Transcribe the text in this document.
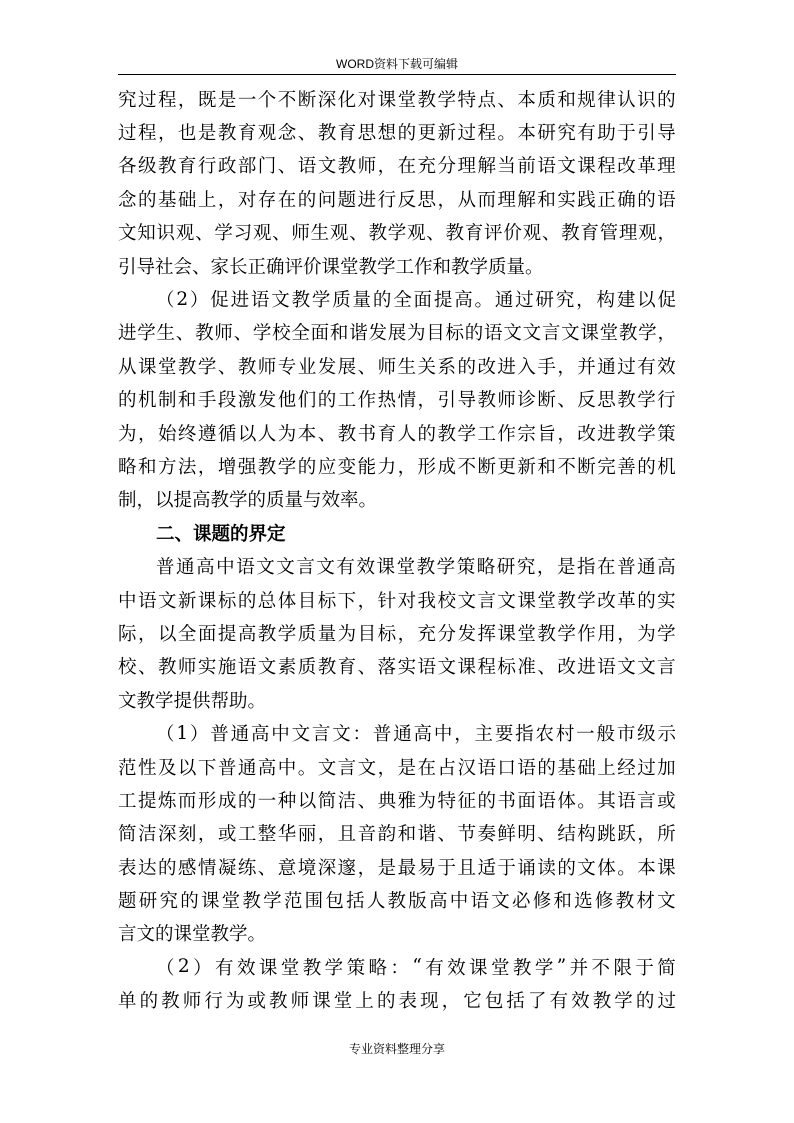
WORD资料下载可编辑
究 过 程 ， 既 是 一 个 不 断 深 化 对 课 堂 教 学 特 点 、 本 质 和 规 律 认 识 的
过 程 ， 也 是 教 育 观 念 、 教 育 思 想 的 更 新 过 程 。 本 研 究 有 助 于 引 导
各 级 教 育 行 政 部 门 、 语 文 教 师 ， 在 充 分 理 解 当 前 语 文 课 程 改 革 理
念 的 基 础 上 ， 对 存 在 的 问 题 进 行 反 思 ， 从 而 理 解 和 实 践 正 确 的 语
文 知 识 观 、 学 习 观 、 师 生 观 、 教 学 观 、 教 育 评 价 观 、 教 育 管 理 观 ，
引导社会、家长正确评价课堂教学工作和教学质量。
（ 2 ） 促 进 语 文 教 学 质 量 的 全 面 提 高 。 通 过 研 究 ， 构 建 以 促
进 学 生 、 教 师 、 学 校 全 面 和 谐 发 展 为 目 标 的 语 文 文 言 文 课 堂 教 学 ，
从 课 堂 教 学 、 教 师 专 业 发 展 、 师 生 关 系 的 改 进 入 手 ， 并 通 过 有 效
的 机 制 和 手 段 激 发 他 们 的 工 作 热 情 ， 引 导 教 师 诊 断 、 反 思 教 学 行
为 ， 始 终 遵 循 以 人 为 本 、 教 书 育 人 的 教 学 工 作 宗 旨 ， 改 进 教 学 策
略 和 方 法 ， 增 强 教 学 的 应 变 能 力 ， 形 成 不 断 更 新 和 不 断 完 善 的 机
制，以提高教学的质量与效率。
二、课题的界定
普 通 高 中 语 文 文 言 文 有 效 课 堂 教 学 策 略 研 究 ， 是 指 在 普 通 高
中 语 文 新 课 标 的 总 体 目 标 下 ， 针 对 我 校 文 言 文 课 堂 教 学 改 革 的 实
际 ， 以 全 面 提 高 教 学 质 量 为 目 标 ， 充 分 发 挥 课 堂 教 学 作 用 ， 为 学
校 、 教 师 实 施 语 文 素 质 教 育 、 落 实 语 文 课 程 标 准 、 改 进 语 文 文 言
文教学提供帮助。
（ 1 ） 普 通 高 中 文 言 文 ： 普 通 高 中 ， 主 要 指 农 村 一 般 市 级 示
范 性 及 以 下 普 通 高 中 。 文 言 文 ， 是 在 占 汉 语 口 语 的 基 础 上 经 过 加
工 提 炼 而 形 成 的 一 种 以 简 洁 、 典 雅 为 特 征 的 书 面 语 体 。 其 语 言 或
简 洁 深 刻 ， 或 工 整 华 丽 ， 且 音 韵 和 谐 、 节 奏 鲜 明 、 结 构 跳 跃 ， 所
表 达 的 感 情 凝 练 、 意 境 深 邃 ， 是 最 易 于 且 适 于 诵 读 的 文 体 。 本 课
题 研 究 的 课 堂 教 学 范 围 包 括 人 教 版 高 中 语 文 必 修 和 选 修 教 材 文
言文的课堂教学。
（ 2 ） 有 效 课 堂 教 学 策 略 ： “ 有 效 课 堂 教 学 ” 并 不 限 于 简
单 的 教 师 行 为 或 教 师 课 堂 上 的 表 现 ， 它 包 括 了 有 效 教 学 的 过
专业资料整理分享
